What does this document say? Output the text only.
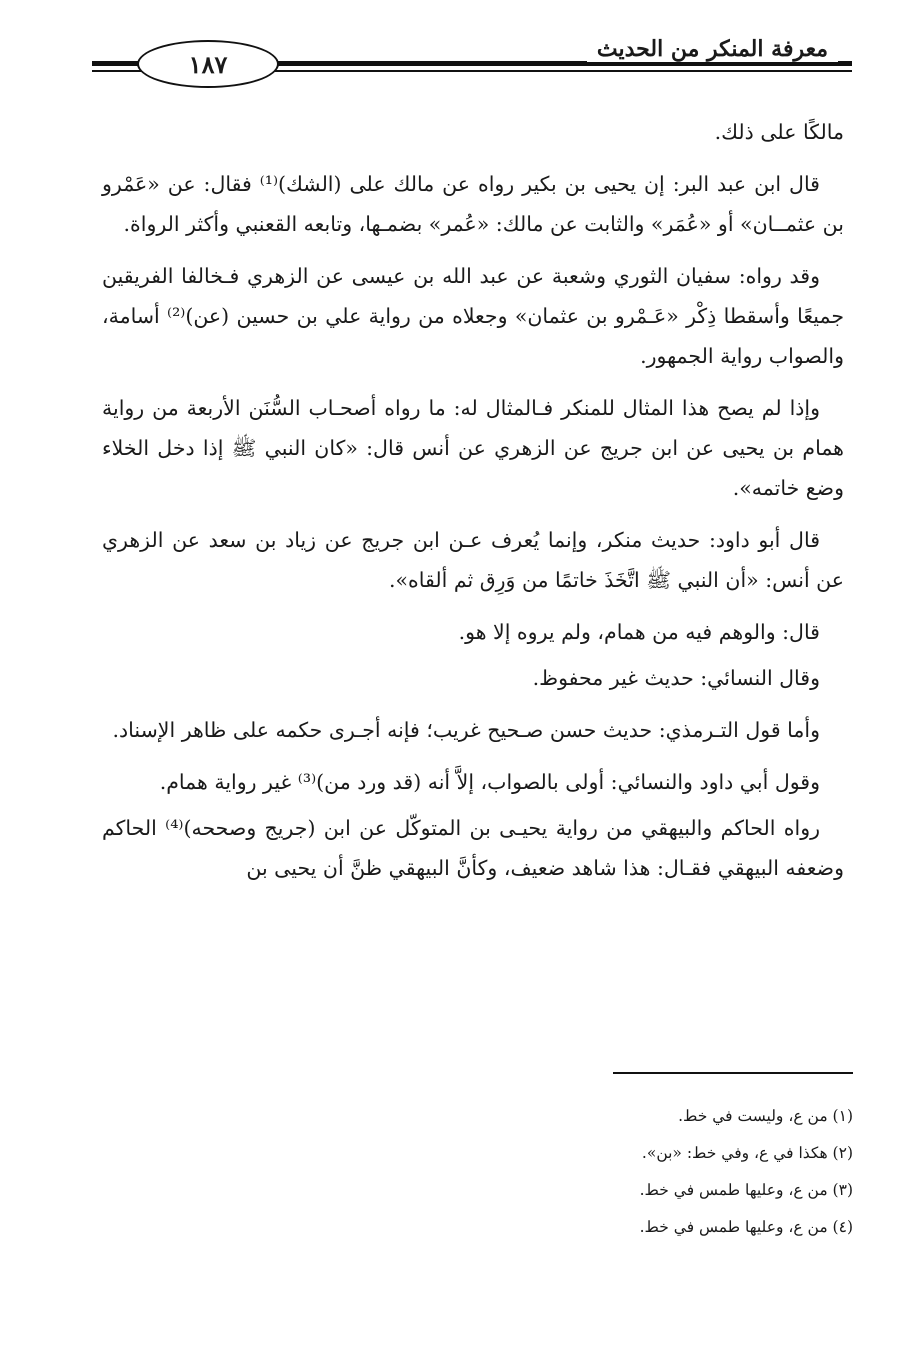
معرفة المنكر من الحديث
١٨٧

مالكًا على ذلك.

قال ابن عبد البر: إن يحيى بن بكير رواه عن مالك على (الشك)⁽¹⁾ فقال: عن «عَمْرو بن عثمــان» أو «عُمَر» والثابت عن مالك: «عُمر» بضمـها، وتابعه القعنبي وأكثر الرواة.

وقد رواه: سفيان الثوري وشعبة عن عبد الله بن عيسى عن الزهري فـخالفا الفريقين جميعًا وأسقطا ذِكْر «عَـمْرو بن عثمان» وجعلاه من رواية علي بن حسين (عن)⁽²⁾ أسامة، والصواب رواية الجمهور.

وإذا لم يصح هذا المثال للمنكر فـالمثال له: ما رواه أصحـاب السُّنَن الأربعة من رواية همام بن يحيى عن ابن جريج عن الزهري عن أنس قال: «كان النبي ﷺ إذا دخل الخلاء وضع خاتمه».

قال أبو داود: حديث منكر، وإنما يُعرف عـن ابن جريج عن زياد بن سعد عن الزهري عن أنس: «أن النبي ﷺ اتَّخَذَ خاتمًا من وَرِق ثم ألقاه».

قال: والوهم فيه من همام، ولم يروه إلا هو.

وقال النسائي: حديث غير محفوظ.

وأما قول التـرمذي: حديث حسن صـحيح غريب؛ فإنه أجـرى حكمه على ظاهر الإسناد.

وقول أبي داود والنسائي: أولى بالصواب، إلاَّ أنه (قد ورد من)⁽³⁾ غير رواية همام.

رواه الحاكم والبيهقي من رواية يحيـى بن المتوكّل عن ابن (جريج وصححه)⁽⁴⁾ الحاكم وضعفه البيهقي فقـال: هذا شاهد ضعيف، وكأنَّ البيهقي ظنَّ أن يحيى بن

(١) من ع، وليست في خط.
(٢) هكذا في ع، وفي خط: «بن».
(٣) من ع، وعليها طمس في خط.
(٤) من ع، وعليها طمس في خط.
